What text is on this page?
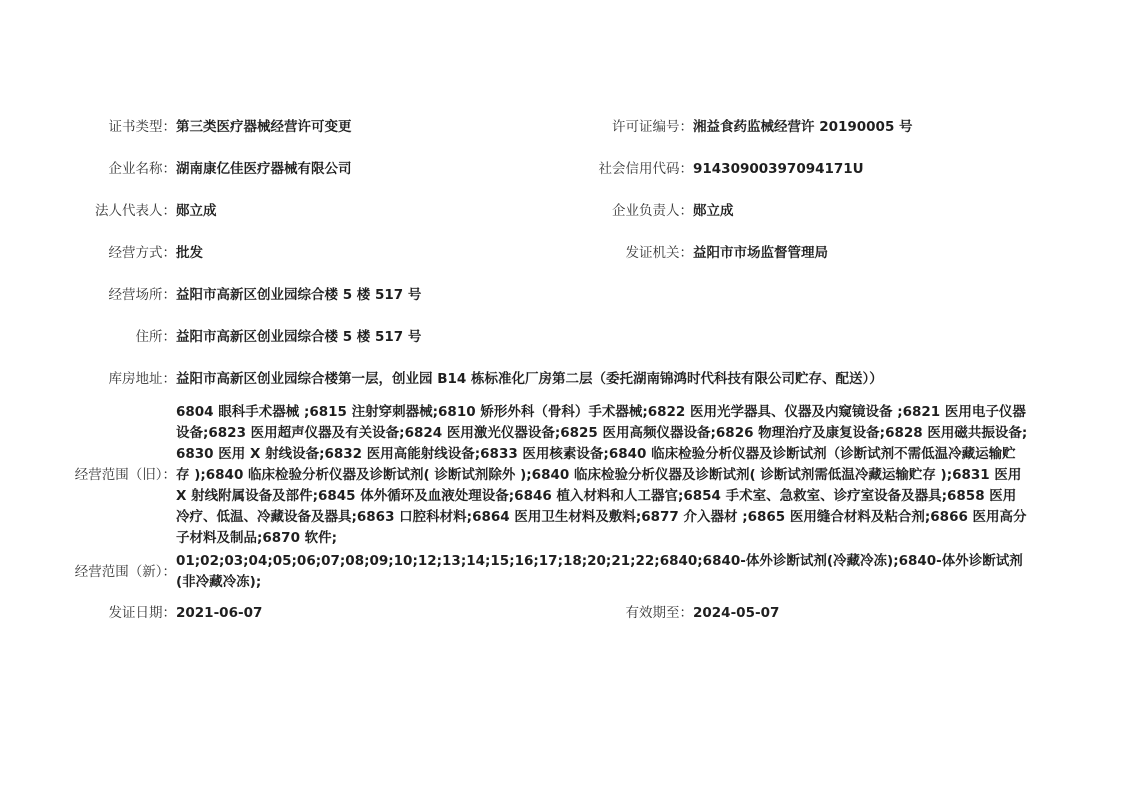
证书类型： 第三类医疗器械经营许可变更	许可证编号： 湘益食药监械经营许 20190005 号
企业名称： 湖南康亿佳医疗器械有限公司	社会信用代码： 91430900397094171U
法人代表人： 郧立成	企业负责人： 郧立成
经营方式： 批发	发证机关： 益阳市市场监督管理局
经营场所： 益阳市高新区创业园综合楼 5 楼 517 号
住所： 益阳市高新区创业园综合楼 5 楼 517 号
库房地址： 益阳市高新区创业园综合楼第一层，创业园 B14 栋标准化厂房第二层（委托湖南锦鸿时代科技有限公司贮存、配送））
经营范围（旧）：
6804 眼科手术器械 ;6815 注射穿刺器械;6810 矫形外科（骨科）手术器械;6822 医用光学器具、仪器及内窥镜设备 ;6821 医用电子仪器设备;6823 医用超声仪器及有关设备;6824 医用激光仪器设备;6825 医用高频仪器设备;6826 物理治疗及康复设备;6828 医用磁共振设备;6830 医用 X 射线设备;6832 医用高能射线设备;6833 医用核素设备;6840 临床检验分析仪器及诊断试剂（诊断试剂不需低温冷藏运输贮存 );6840 临床检验分析仪器及诊断试剂( 诊断试剂除外 );6840 临床检验分析仪器及诊断试剂( 诊断试剂需低温冷藏运输贮存 );6831 医用 X 射线附属设备及部件;6845 体外循环及血液处理设备;6846 植入材料和人工器官;6854 手术室、急救室、诊疗室设备及器具;6858 医用冷疗、低温、冷藏设备及器具;6863 口腔科材料;6864 医用卫生材料及敷料;6877 介入器材 ;6865 医用缝合材料及粘合剂;6866 医用高分子材料及制品;6870 软件;
经营范围（新）：
01;02;03;04;05;06;07;08;09;10;12;13;14;15;16;17;18;20;21;22;6840;6840-体外诊断试剂(冷藏冷冻);6840-体外诊断试剂(非冷藏冷冻);
发证日期： 2021-06-07	有效期至： 2024-05-07
